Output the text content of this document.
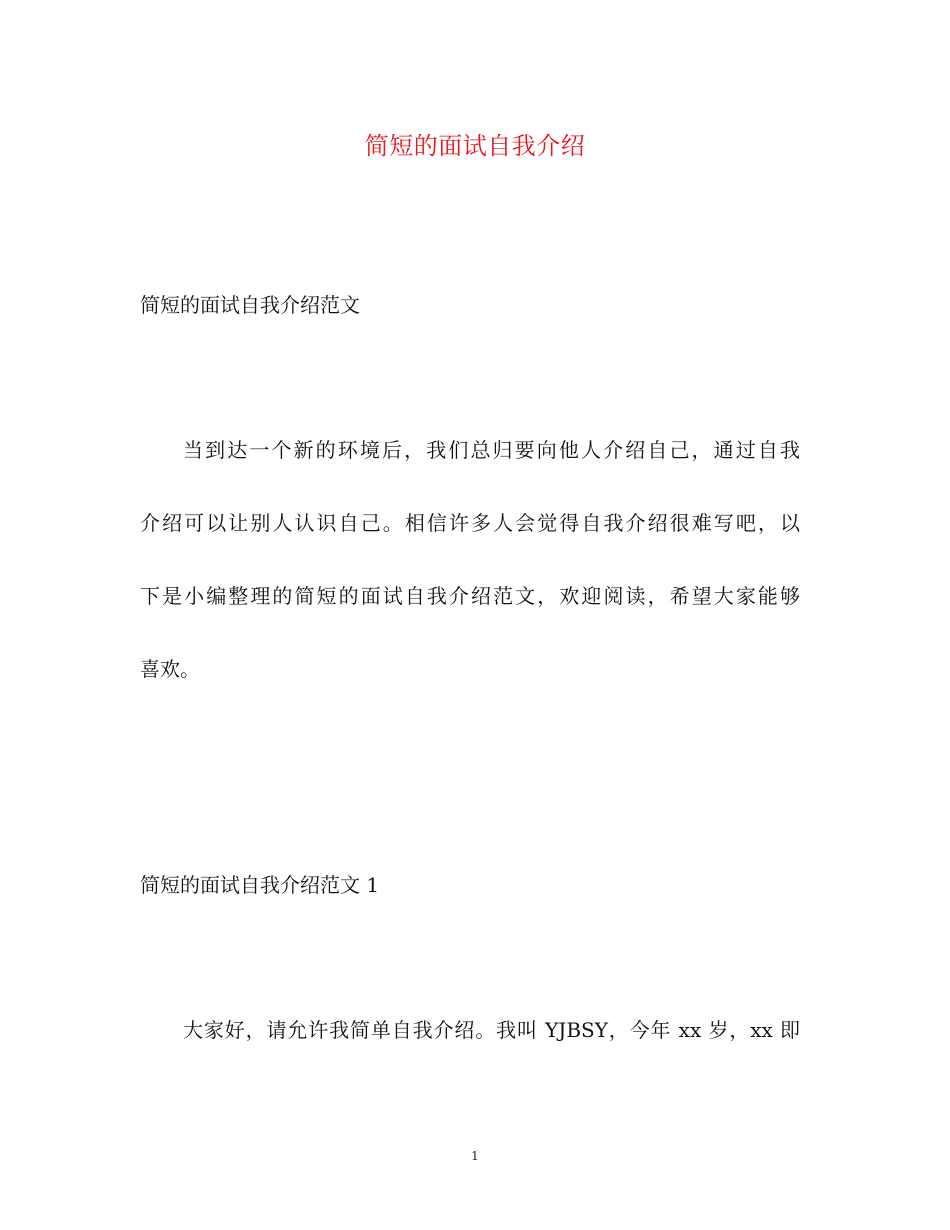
简短的面试自我介绍
简短的面试自我介绍范文
当到达一个新的环境后，我们总归要向他人介绍自己，通过自我
介绍可以让别人认识自己。相信许多人会觉得自我介绍很难写吧，以
下是小编整理的简短的面试自我介绍范文，欢迎阅读，希望大家能够
喜欢。
简短的面试自我介绍范文 1
大家好，请允许我简单自我介绍。我叫 YJBSY，今年 xx 岁，xx 即
1
